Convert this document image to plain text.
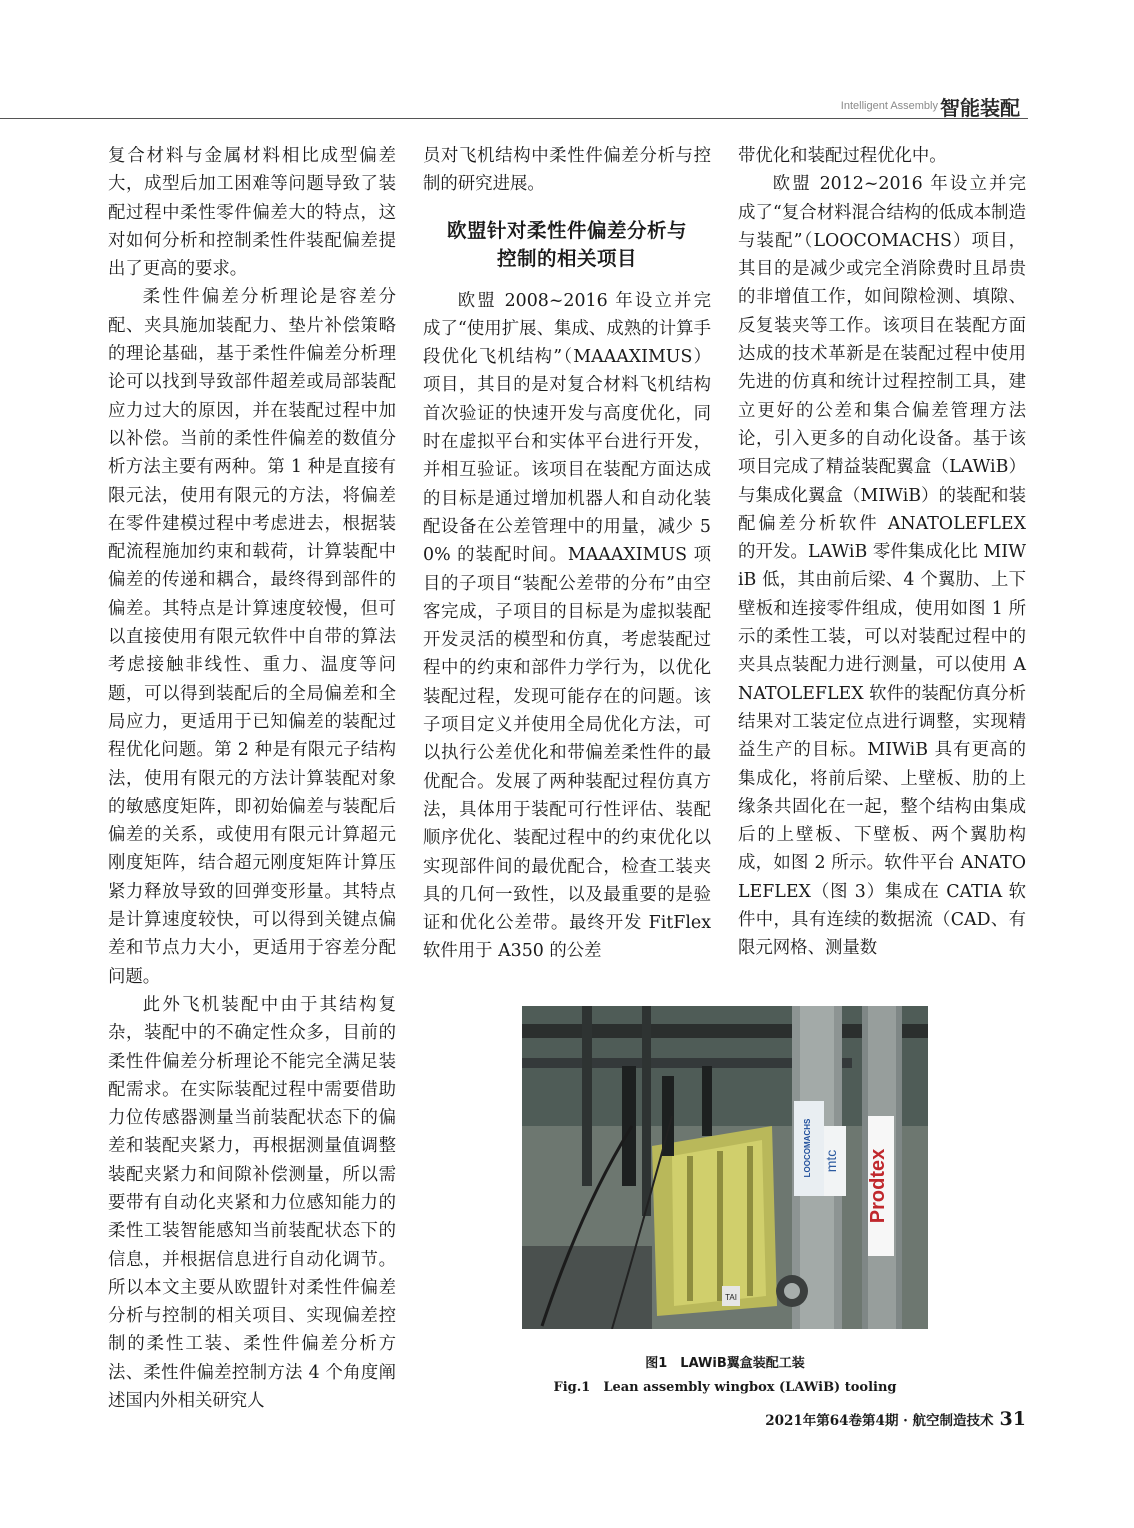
Intelligent Assembly 智能装配

复合材料与金属材料相比成型偏差大，成型后加工困难等问题导致了装配过程中柔性零件偏差大的特点，这对如何分析和控制柔性件装配偏差提出了更高的要求。

柔性件偏差分析理论是容差分配、夹具施加装配力、垫片补偿策略的理论基础，基于柔性件偏差分析理论可以找到导致部件超差或局部装配应力过大的原因，并在装配过程中加以补偿。当前的柔性件偏差的数值分析方法主要有两种。第 1 种是直接有限元法，使用有限元的方法，将偏差在零件建模过程中考虑进去，根据装配流程施加约束和载荷，计算装配中偏差的传递和耦合，最终得到部件的偏差。其特点是计算速度较慢，但可以直接使用有限元软件中自带的算法考虑接触非线性、重力、温度等问题，可以得到装配后的全局偏差和全局应力，更适用于已知偏差的装配过程优化问题。第 2 种是有限元子结构法，使用有限元的方法计算装配对象的敏感度矩阵，即初始偏差与装配后偏差的关系，或使用有限元计算超元刚度矩阵，结合超元刚度矩阵计算压紧力释放导致的回弹变形量。其特点是计算速度较快，可以得到关键点偏差和节点力大小，更适用于容差分配问题。

此外飞机装配中由于其结构复杂，装配中的不确定性众多，目前的柔性件偏差分析理论不能完全满足装配需求。在实际装配过程中需要借助力位传感器测量当前装配状态下的偏差和装配夹紧力，再根据测量值调整装配夹紧力和间隙补偿测量，所以需要带有自动化夹紧和力位感知能力的柔性工装智能感知当前装配状态下的信息，并根据信息进行自动化调节。所以本文主要从欧盟针对柔性件偏差分析与控制的相关项目、实现偏差控制的柔性工装、柔性件偏差分析方法、柔性件偏差控制方法 4 个角度阐述国内外相关研究人

员对飞机结构中柔性件偏差分析与控制的研究进展。

欧盟针对柔性件偏差分析与
控制的相关项目

欧盟 2008~2016 年设立并完成了“使用扩展、集成、成熟的计算手段优化飞机结构”（MAAAXIMUS）项目，其目的是对复合材料飞机结构首次验证的快速开发与高度优化，同时在虚拟平台和实体平台进行开发，并相互验证。该项目在装配方面达成的目标是通过增加机器人和自动化装配设备在公差管理中的用量，减少 50% 的装配时间。MAAAXIMUS 项目的子项目“装配公差带的分布”由空客完成，子项目的目标是为虚拟装配开发灵活的模型和仿真，考虑装配过程中的约束和部件力学行为，以优化装配过程，发现可能存在的问题。该子项目定义并使用全局优化方法，可以执行公差优化和带偏差柔性件的最优配合。发展了两种装配过程仿真方法，具体用于装配可行性评估、装配顺序优化、装配过程中的约束优化以实现部件间的最优配合，检查工装夹具的几何一致性，以及最重要的是验证和优化公差带。最终开发 FitFlex 软件用于 A350 的公差

带优化和装配过程优化中。

欧盟 2012~2016 年设立并完成了“复合材料混合结构的低成本制造与装配”（LOOCOMACHS）项目，其目的是减少或完全消除费时且昂贵的非增值工作，如间隙检测、填隙、反复装夹等工作。该项目在装配方面达成的技术革新是在装配过程中使用先进的仿真和统计过程控制工具，建立更好的公差和集合偏差管理方法论，引入更多的自动化设备。基于该项目完成了精益装配翼盒（LAWiB）与集成化翼盒（MIWiB）的装配和装配偏差分析软件 ANATOLEFLEX 的开发。LAWiB 零件集成化比 MIWiB 低，其由前后梁、4 个翼肋、上下壁板和连接零件组成，使用如图 1 所示的柔性工装，可以对装配过程中的夹具点装配力进行测量，可以使用 ANATOLEFLEX 软件的装配仿真分析结果对工装定位点进行调整，实现精益生产的目标。MIWiB 具有更高的集成化，将前后梁、上壁板、肋的上缘条共固化在一起，整个结构由集成后的上壁板、下壁板、两个翼肋构成，如图 2 所示。软件平台 ANATOLEFLEX（图 3）集成在 CATIA 软件中，具有连续的数据流（CAD、有限元网格、测量数

Prodtex
mtc
LOOCOMACHS
TAI
图1　LAWiB翼盒装配工装
Fig.1　Lean assembly wingbox (LAWiB) tooling
2021年第64卷第4期 · 航空制造技术 31
